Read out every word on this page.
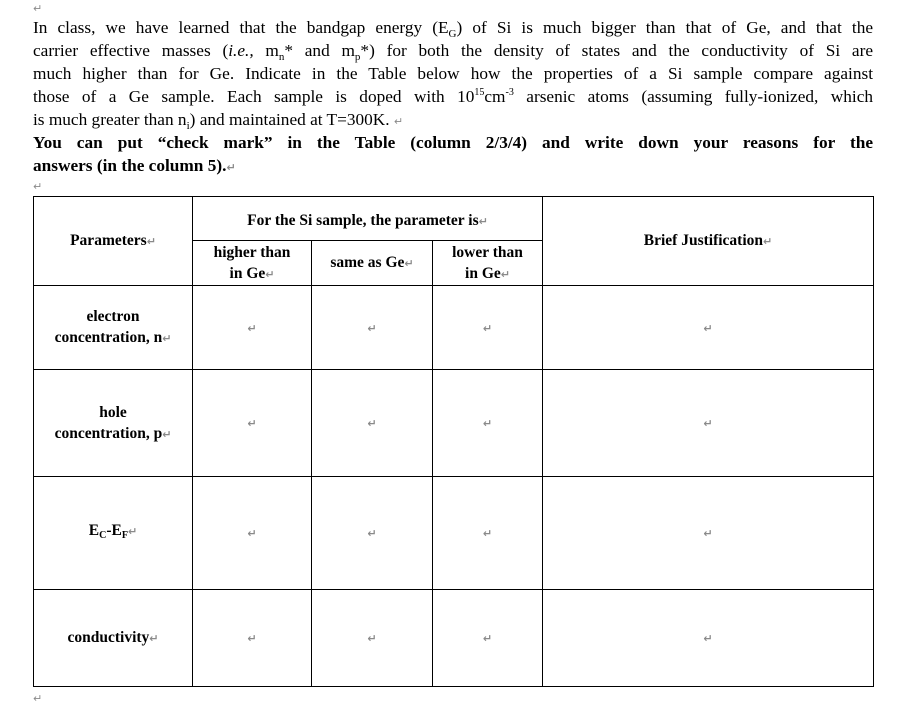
↵
In class, we have learned that the bandgap energy $(E_G)$ of Si is much bigger than that of Ge, and that the
carrier effective masses (i.e., $m_n*$ and $m_p*$) for both the density of states and the conductivity of Si are
much higher than for Ge. Indicate in the Table below how the properties of a Si sample compare against
those of a Ge sample. Each sample is doped with $10^{15}cm^{-3}$ arsenic atoms (assuming fully-ionized, which
is much greater than $n_i$) and maintained at T=300K. ↵
You can put “check mark” in the Table (column 2/3/4) and write down your reasons for the
answers (in the column 5).↵
↵
Parameters↵	For the Si sample, the parameter is↵			Brief Justification↵
	higher than
in Ge↵	same as Ge↵	lower than
in Ge↵	
electron
concentration, n↵	↵	↵	↵	↵
hole
concentration, p↵	↵	↵	↵	↵
EC-EF↵	↵	↵	↵	↵
conductivity↵	↵	↵	↵	↵
↵
